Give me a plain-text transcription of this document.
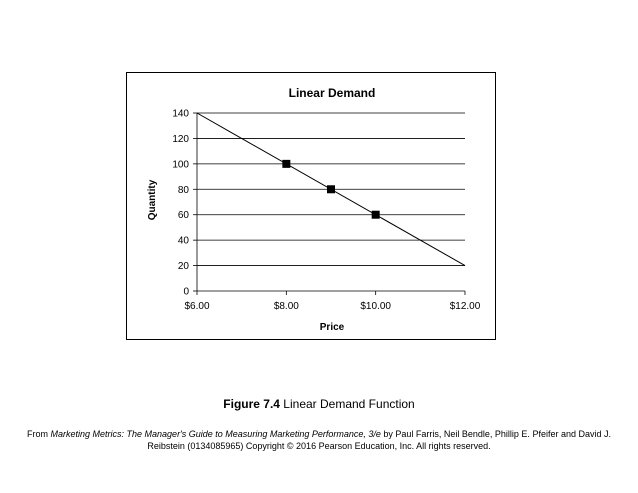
Linear Demand
0
20
40
60
80
100
120
140
$6.00	$8.00	$10.00	$12.00
Price
Quantity
Figure 7.4 Linear Demand Function
From Marketing Metrics: The Manager's Guide to Measuring Marketing Performance, 3/e by Paul Farris, Neil Bendle, Phillip E. Pfeifer and David J.
Reibstein (0134085965) Copyright © 2016 Pearson Education, Inc. All rights reserved.
